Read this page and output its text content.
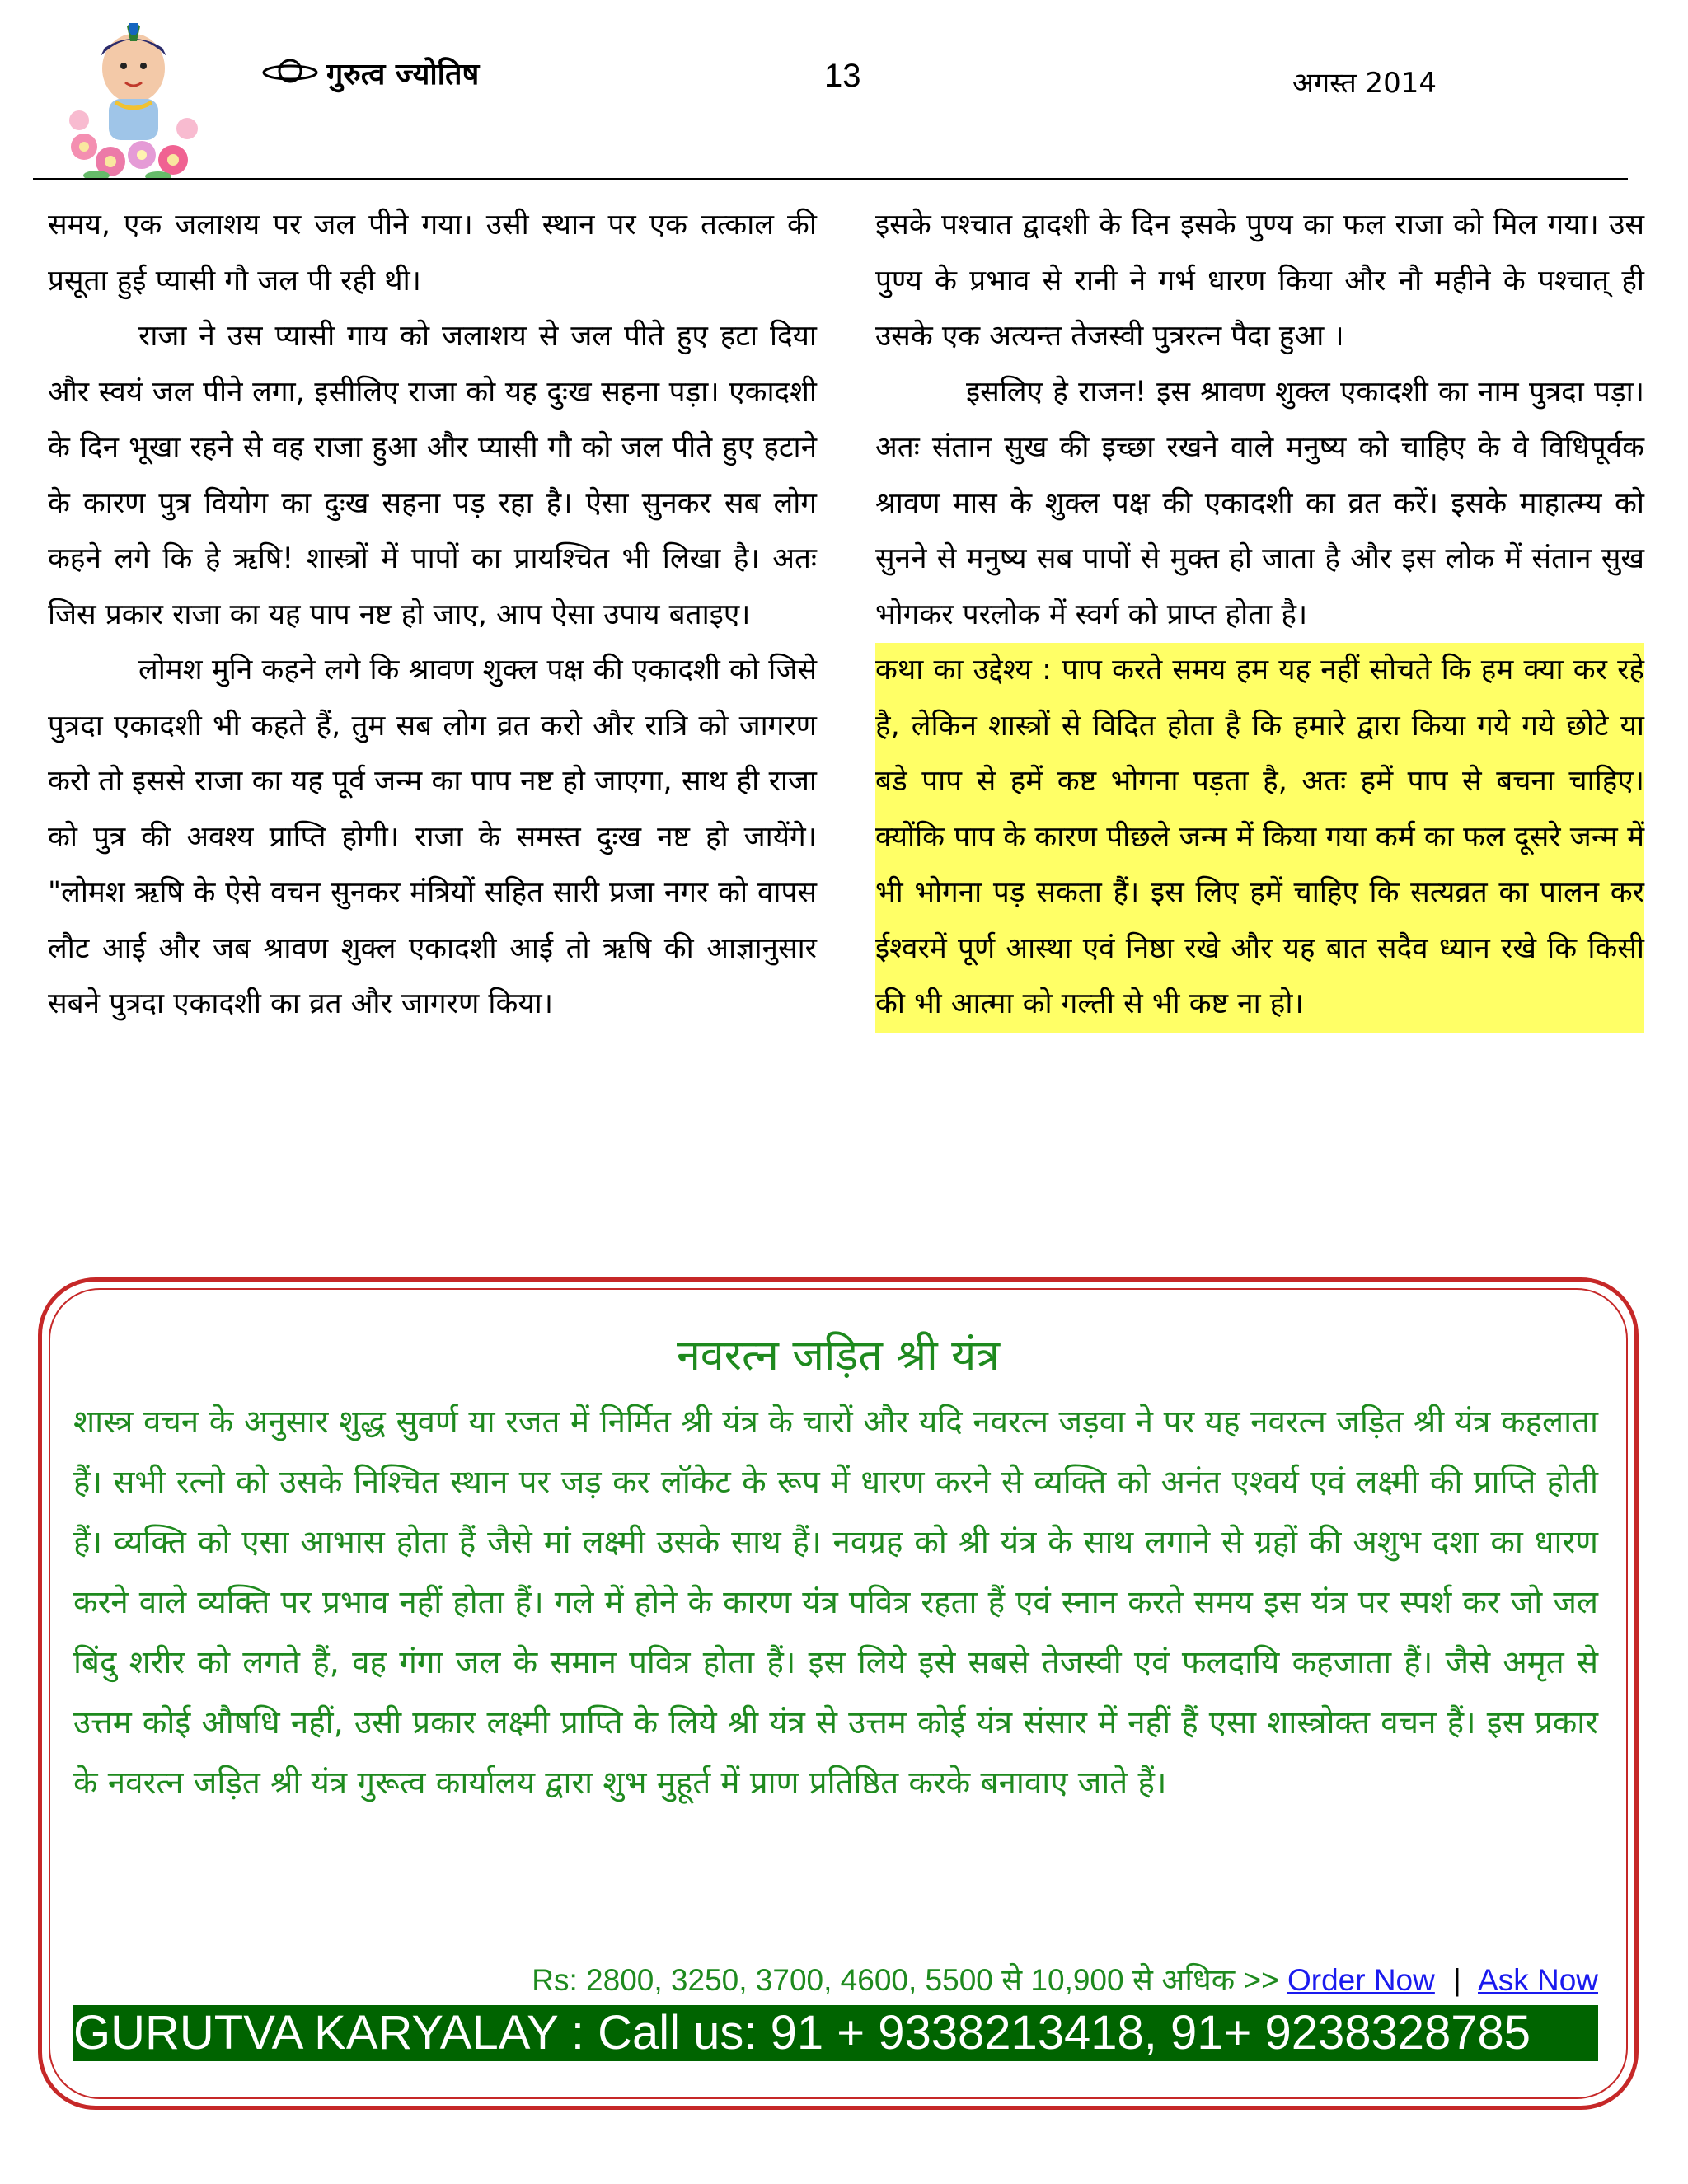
गुरुत्व ज्योतिष	13	अगस्त 2014

समय, एक जलाशय पर जल पीने गया। उसी स्थान पर एक तत्काल की प्रसूता हुई प्यासी गौ जल पी रही थी।

राजा ने उस प्यासी गाय को जलाशय से जल पीते हुए हटा दिया और स्वयं जल पीने लगा, इसीलिए राजा को यह दुःख सहना पड़ा। एकादशी के दिन भूखा रहने से वह राजा हुआ और प्यासी गौ को जल पीते हुए हटाने के कारण पुत्र वियोग का दुःख सहना पड़ रहा है। ऐसा सुनकर सब लोग कहने लगे कि हे ऋषि! शास्त्रों में पापों का प्रायश्चित भी लिखा है। अतः जिस प्रकार राजा का यह पाप नष्ट हो जाए, आप ऐसा उपाय बताइए।

लोमश मुनि कहने लगे कि श्रावण शुक्ल पक्ष की एकादशी को जिसे पुत्रदा एकादशी भी कहते हैं, तुम सब लोग व्रत करो और रात्रि को जागरण करो तो इससे राजा का यह पूर्व जन्म का पाप नष्ट हो जाएगा, साथ ही राजा को पुत्र की अवश्य प्राप्ति होगी। राजा के समस्त दुःख नष्ट हो जायेंगे। "लोमश ऋषि के ऐसे वचन सुनकर मंत्रियों सहित सारी प्रजा नगर को वापस लौट आई और जब श्रावण शुक्ल एकादशी आई तो ऋषि की आज्ञानुसार सबने पुत्रदा एकादशी का व्रत और जागरण किया।

इसके पश्चात द्वादशी के दिन इसके पुण्य का फल राजा को मिल गया। उस पुण्य के प्रभाव से रानी ने गर्भ धारण किया और नौ महीने के पश्चात् ही उसके एक अत्यन्त तेजस्वी पुत्ररत्न पैदा हुआ ।

इसलिए हे राजन! इस श्रावण शुक्ल एकादशी का नाम पुत्रदा पड़ा। अतः संतान सुख की इच्छा रखने वाले मनुष्य को चाहिए के वे विधिपूर्वक श्रावण मास के शुक्ल पक्ष की एकादशी का व्रत करें। इसके माहात्म्य को सुनने से मनुष्य सब पापों से मुक्त हो जाता है और इस लोक में संतान सुख भोगकर परलोक में स्वर्ग को प्राप्त होता है।

कथा का उद्देश्य : पाप करते समय हम यह नहीं सोचते कि हम क्या कर रहे है, लेकिन शास्त्रों से विदित होता है कि हमारे द्वारा किया गये गये छोटे या बडे पाप से हमें कष्ट भोगना पड़ता है, अतः हमें पाप से बचना चाहिए। क्योंकि पाप के कारण पीछले जन्म में किया गया कर्म का फल दूसरे जन्म में भी भोगना पड़ सकता हैं। इस लिए हमें चाहिए कि सत्यव्रत का पालन कर ईश्वरमें पूर्ण आस्था एवं निष्ठा रखे और यह बात सदैव ध्यान रखे कि किसी की भी आत्मा को गल्ती से भी कष्ट ना हो।

नवरत्न जड़ित श्री यंत्र

शास्त्र वचन के अनुसार शुद्ध सुवर्ण या रजत में निर्मित श्री यंत्र के चारों और यदि नवरत्न जड़वा ने पर यह नवरत्न जड़ित श्री यंत्र कहलाता हैं। सभी रत्नो को उसके निश्चित स्थान पर जड़ कर लॉकेट के रूप में धारण करने से व्यक्ति को अनंत एश्वर्य एवं लक्ष्मी की प्राप्ति होती हैं। व्यक्ति को एसा आभास होता हैं जैसे मां लक्ष्मी उसके साथ हैं। नवग्रह को श्री यंत्र के साथ लगाने से ग्रहों की अशुभ दशा का धारण करने वाले व्यक्ति पर प्रभाव नहीं होता हैं। गले में होने के कारण यंत्र पवित्र रहता हैं एवं स्नान करते समय इस यंत्र पर स्पर्श कर जो जल बिंदु शरीर को लगते हैं, वह गंगा जल के समान पवित्र होता हैं। इस लिये इसे सबसे तेजस्वी एवं फलदायि कहजाता हैं। जैसे अमृत से उत्तम कोई औषधि नहीं, उसी प्रकार लक्ष्मी प्राप्ति के लिये श्री यंत्र से उत्तम कोई यंत्र संसार में नहीं हैं एसा शास्त्रोक्त वचन हैं। इस प्रकार के नवरत्न जड़ित श्री यंत्र गुरूत्व कार्यालय द्वारा शुभ मुहूर्त में प्राण प्रतिष्ठित करके बनावाए जाते हैं।

Rs: 2800, 3250, 3700, 4600, 5500 से 10,900 से अधिक >> Order Now | Ask Now
GURUTVA KARYALAY : Call us: 91 + 9338213418, 91+ 9238328785
